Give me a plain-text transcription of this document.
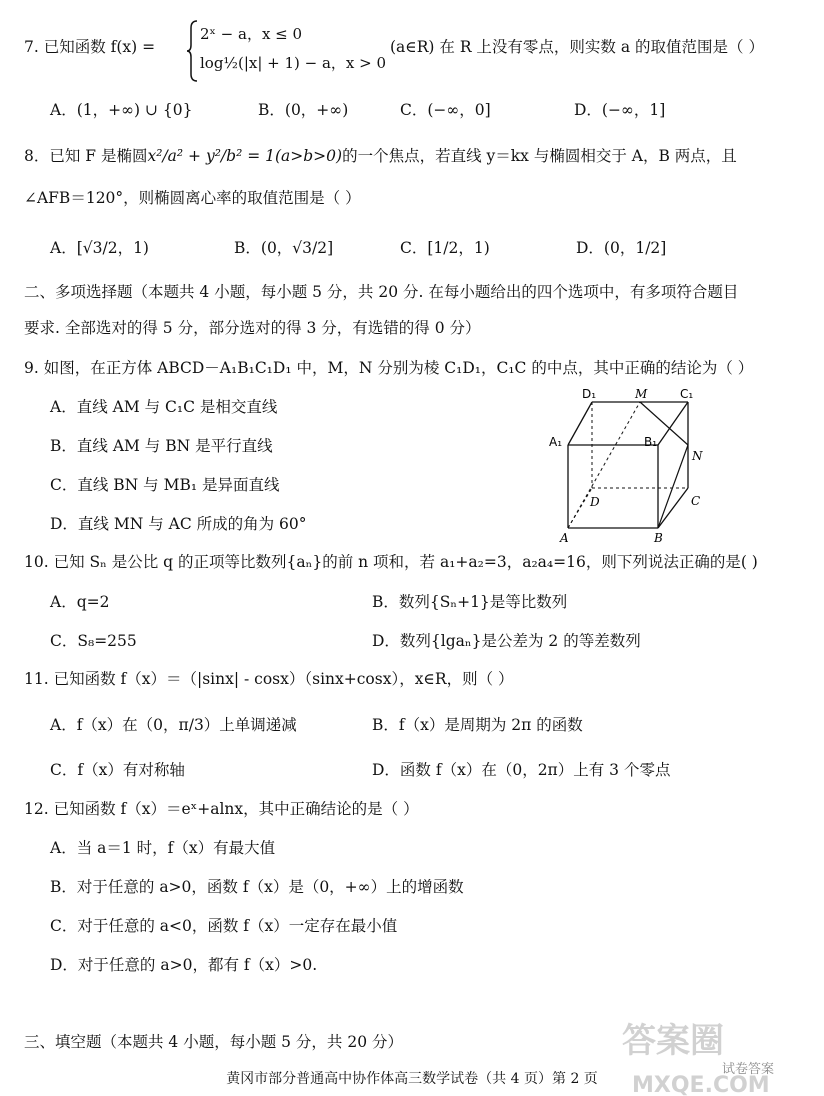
7. 已知函数 f(x) =
2ˣ − a，x ≤ 0
log½(|x| + 1) − a，x > 0
(a∈R) 在 R 上没有零点，则实数 a 的取值范围是（ ）
A．(1，+∞) ∪ {0}	B．(0，+∞)	C．(−∞，0]	D．(−∞，1]
8．已知 F 是椭圆x²/a² + y²/b² = 1(a>b>0)的一个焦点，若直线 y＝kx 与椭圆相交于 A，B 两点，且
∠AFB＝120°，则椭圆离心率的取值范围是（ ）
A．[√3/2，1)	B．(0，√3/2]	C．[1/2，1)	D．(0，1/2]
二、多项选择题（本题共 4 小题，每小题 5 分，共 20 分. 在每小题给出的四个选项中，有多项符合题目
要求. 全部选对的得 5 分，部分选对的得 3 分，有选错的得 0 分）
9. 如图，在正方体 ABCD－A₁B₁C₁D₁ 中，M，N 分别为棱 C₁D₁，C₁C 的中点，其中正确的结论为（ ）
A．直线 AM 与 C₁C 是相交直线
B．直线 AM 与 BN 是平行直线
C．直线 BN 与 MB₁ 是异面直线
D．直线 MN 与 AC 所成的角为 60°
D₁	M	C₁
A₁	B₁
N
D	C
A	B
10. 已知 Sₙ 是公比 q 的正项等比数列{aₙ}的前 n 项和，若 a₁+a₂=3，a₂a₄=16，则下列说法正确的是( )
A．q=2	B．数列{Sₙ+1}是等比数列
C．S₈=255	D．数列{lgaₙ}是公差为 2 的等差数列
11. 已知函数 f（x）＝（|sinx| - cosx）（sinx+cosx），x∈R，则（ ）
A．f（x）在（0，π/3）上单调递减	B．f（x）是周期为 2π 的函数
C．f（x）有对称轴	D．函数 f（x）在（0，2π）上有 3 个零点
12. 已知函数 f（x）＝eˣ+alnx，其中正确结论的是（ ）
A．当 a＝1 时，f（x）有最大值
B．对于任意的 a>0，函数 f（x）是（0，+∞）上的增函数
C．对于任意的 a<0，函数 f（x）一定存在最小值
D．对于任意的 a>0，都有 f（x）>0.
三、填空题（本题共 4 小题，每小题 5 分，共 20 分）	答案圈
MXQE.COM
试卷答案
黄冈市部分普通高中协作体高三数学试卷（共 4 页）第 2 页
